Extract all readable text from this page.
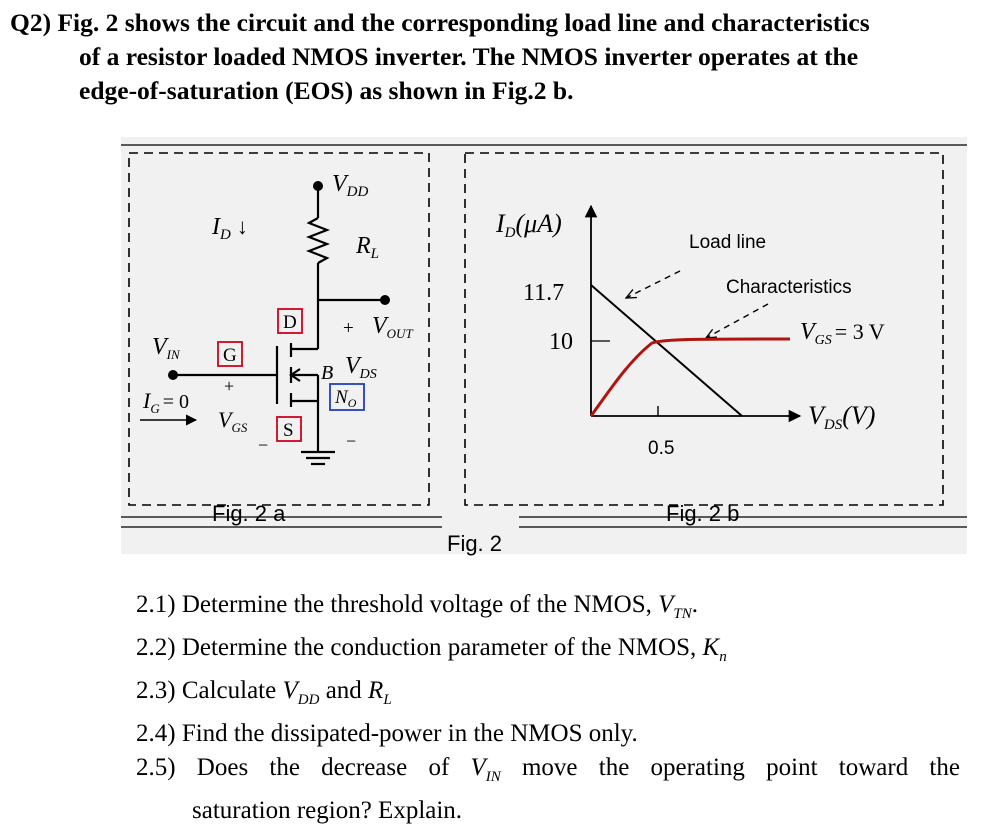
Q2) Fig. 2 shows the circuit and the corresponding load line and characteristics
of a resistor loaded NMOS inverter. The NMOS inverter operates at the
edge-of-saturation (EOS) as shown in Fig.2 b.
$V_{DD}$
$I_D$ ↓
$R_L$
+ $V_{OUT}$
$V_{IN}$
$I_G = 0$
+
$V_{GS}$
−
B $V_{DS}$
−
D
G
S
$N_O$
ID(μA)
11.7
10
VDS(V)
$V_{GS} = 3$ V
Load line
Characteristics
0.5
Fig. 2 a	Fig. 2 b
Fig. 2
2.1) Determine the threshold voltage of the NMOS, $V_{TN}$.
2.2) Determine the conduction parameter of the NMOS, $K_n$
2.3) Calculate $V_{DD}$ and $R_L$
2.4) Find the dissipated-power in the NMOS only.
2.5) Does the decrease of $V_{IN}$ move the operating point toward the
saturation region? Explain.
